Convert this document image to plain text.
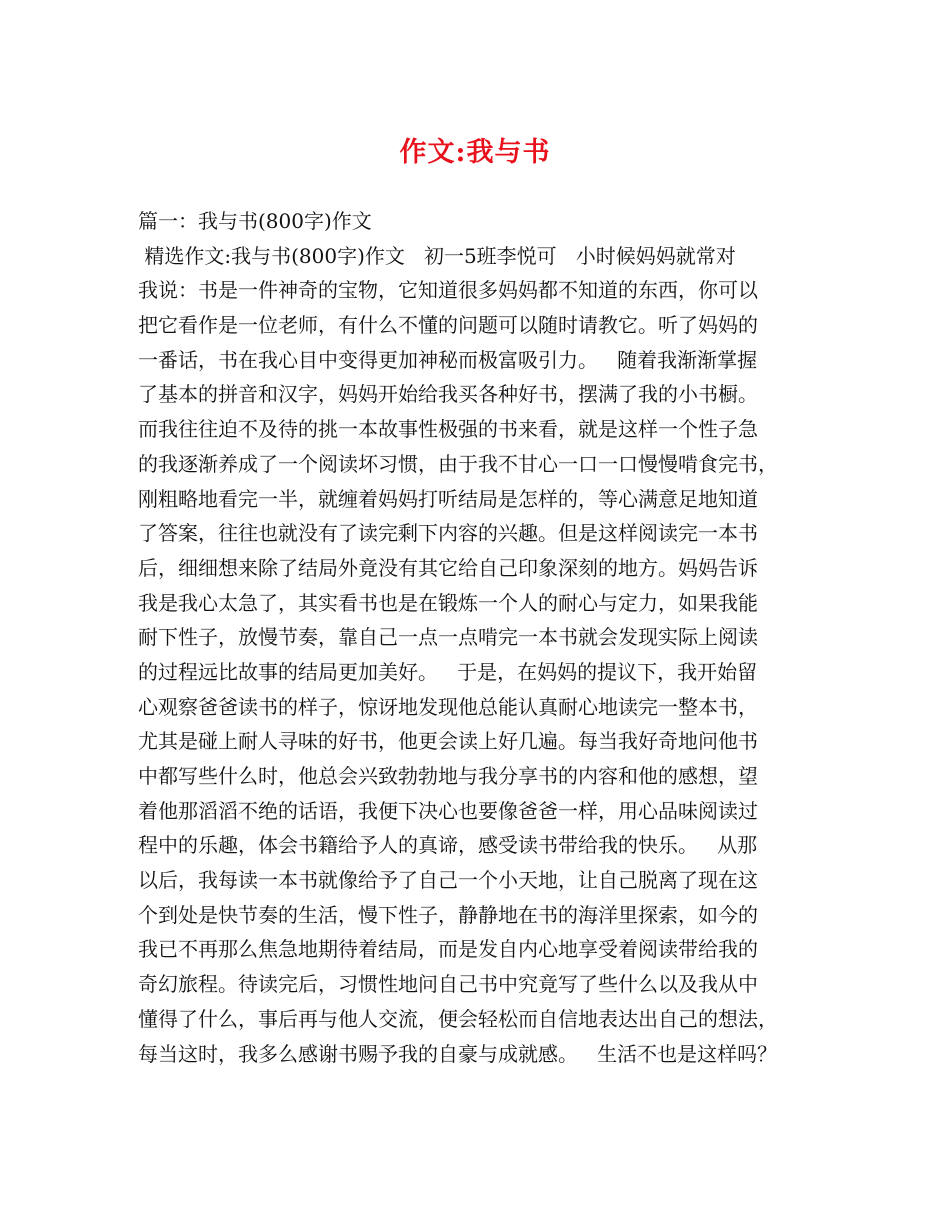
作文:我与书
篇一：我与书(800字)作文
精选作文:我与书(800字)作文   初一5班李悦可   小时候妈妈就常对
我说：书是一件神奇的宝物，它知道很多妈妈都不知道的东西，你可以
把它看作是一位老师，有什么不懂的问题可以随时请教它。听了妈妈的
一番话，书在我心目中变得更加神秘而极富吸引力。   随着我渐渐掌握
了基本的拼音和汉字，妈妈开始给我买各种好书，摆满了我的小书橱。
而我往往迫不及待的挑一本故事性极强的书来看，就是这样一个性子急
的我逐渐养成了一个阅读坏习惯，由于我不甘心一口一口慢慢啃食完书，
刚粗略地看完一半，就缠着妈妈打听结局是怎样的，等心满意足地知道
了答案，往往也就没有了读完剩下内容的兴趣。但是这样阅读完一本书
后，细细想来除了结局外竟没有其它给自己印象深刻的地方。妈妈告诉
我是我心太急了，其实看书也是在锻炼一个人的耐心与定力，如果我能
耐下性子，放慢节奏，靠自己一点一点啃完一本书就会发现实际上阅读
的过程远比故事的结局更加美好。   于是，在妈妈的提议下，我开始留
心观察爸爸读书的样子，惊讶地发现他总能认真耐心地读完一整本书，
尤其是碰上耐人寻味的好书，他更会读上好几遍。每当我好奇地问他书
中都写些什么时，他总会兴致勃勃地与我分享书的内容和他的感想，望
着他那滔滔不绝的话语，我便下决心也要像爸爸一样，用心品味阅读过
程中的乐趣，体会书籍给予人的真谛，感受读书带给我的快乐。   从那
以后，我每读一本书就像给予了自己一个小天地，让自己脱离了现在这
个到处是快节奏的生活，慢下性子，静静地在书的海洋里探索，如今的
我已不再那么焦急地期待着结局，而是发自内心地享受着阅读带给我的
奇幻旅程。待读完后，习惯性地问自己书中究竟写了些什么以及我从中
懂得了什么，事后再与他人交流，便会轻松而自信地表达出自己的想法，
每当这时，我多么感谢书赐予我的自豪与成就感。   生活不也是这样吗？
